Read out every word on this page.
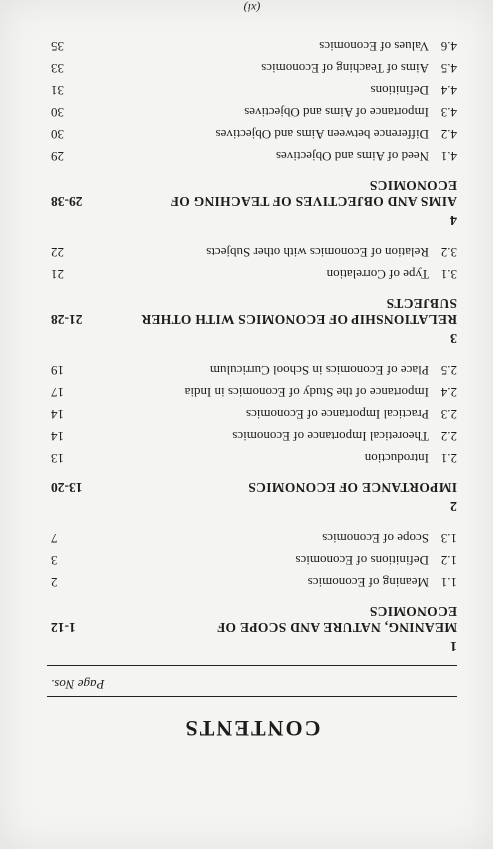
CONTENTS
Page Nos.
1
MEANING, NATURE AND SCOPE OF ECONOMICS
1-12
1.1
Meaning of Economics
2
1.2
Definitions of Economics
3
1.3
Scope of Economics
7
2
IMPORTANCE OF ECONOMICS
13-20
2.1
Introduction
13
2.2
Theoretical Importance of Economics
14
2.3
Practical Importance of Economics
14
2.4
Importance of the Study of Economics in India
17
2.5
Place of Economics in School Curriculum
19
3
RELATIONSHIP OF ECONOMICS WITH OTHER SUBJECTS
21-28
3.1
Type of Correlation
21
3.2
Relation of Economics with other Subjects
22
4
AIMS AND OBJECTIVES OF TEACHING OF ECONOMICS
29-38
4.1
Need of Aims and Objectives
29
4.2
Difference between Aims and Objectives
30
4.3
Importance of Aims and Objectives
30
4.4
Definitions
31
4.5
Aims of Teaching of Economics
33
4.6
Values of Economics
35
(xi)
